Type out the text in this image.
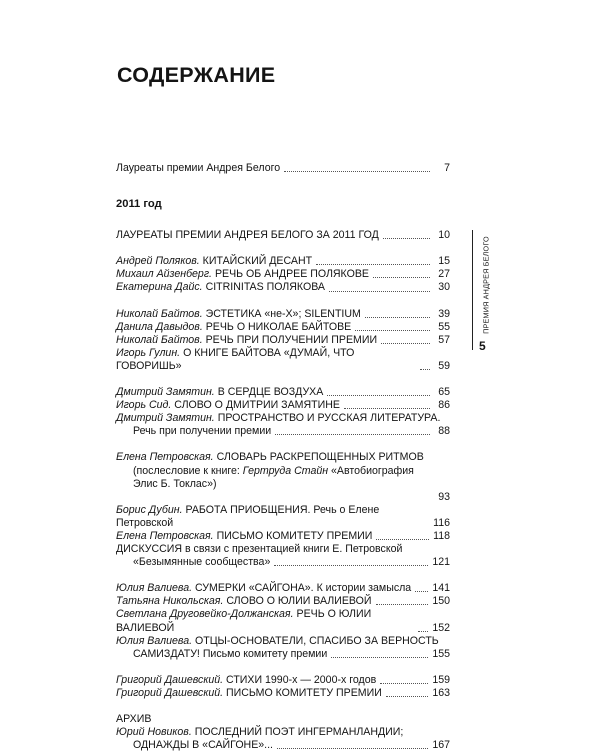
СОДЕРЖАНИЕ
Лауреаты премии Андрея Белого	7
2011 год
ЛАУРЕАТЫ ПРЕМИИ АНДРЕЯ БЕЛОГО ЗА 2011 ГОД	10
Андрей Поляков. КИТАЙСКИЙ ДЕСАНТ	15
Михаил Айзенберг. РЕЧЬ ОБ АНДРЕЕ ПОЛЯКОВЕ	27
Екатерина Дайс. CITRINITAS ПОЛЯКОВА	30
Николай Байтов. ЭСТЕТИКА «не-Х»; SILENTIUM	39
Данила Давыдов. РЕЧЬ О НИКОЛАЕ БАЙТОВЕ	55
Николай Байтов. РЕЧЬ ПРИ ПОЛУЧЕНИИ ПРЕМИИ	57
Игорь Гулин. О КНИГЕ БАЙТОВА «ДУМАЙ, ЧТО ГОВОРИШЬ»	59
Дмитрий Замятин. В СЕРДЦЕ ВОЗДУХА	65
Игорь Сид. СЛОВО О ДМИТРИИ ЗАМЯТИНЕ	86
Дмитрий Замятин. ПРОСТРАНСТВО И РУССКАЯ ЛИТЕРАТУРА.
Речь при получении премии	88
Елена Петровская. СЛОВАРЬ РАСКРЕПОЩЕННЫХ РИТМОВ
(послесловие к книге: Гертруда Стайн «Автобиография
Элис Б. Токлас»)
93
Борис Дубин. РАБОТА ПРИОБЩЕНИЯ. Речь о Елене Петровской	116
Елена Петровская. ПИСЬМО КОМИТЕТУ ПРЕМИИ	118
ДИСКУССИЯ в связи с презентацией книги Е. Петровской
«Безымянные сообщества»	121
Юлия Валиева. СУМЕРКИ «САЙГОНА». К истории замысла 141
Татьяна Никольская. СЛОВО О ЮЛИИ ВАЛИЕВОЙ	150
Светлана Друговейко-Должанская. РЕЧЬ О ЮЛИИ ВАЛИЕВОЙ	152
Юлия Валиева. ОТЦЫ-ОСНОВАТЕЛИ, СПАСИБО ЗА ВЕРНОСТЬ
САМИЗДАТУ! Письмо комитету премии	155
Григорий Дашевский. СТИХИ 1990-х — 2000-х годов	159
Григорий Дашевский. ПИСЬМО КОМИТЕТУ ПРЕМИИ	163
АРХИВ
Юрий Новиков. ПОСЛЕДНИЙ ПОЭТ ИНГЕРМАНЛАНДИИ;
ОДНАЖДЫ В «САЙГОНЕ»...	167
ПРЕМИЯ АНДРЕЯ БЕЛОГО
5
